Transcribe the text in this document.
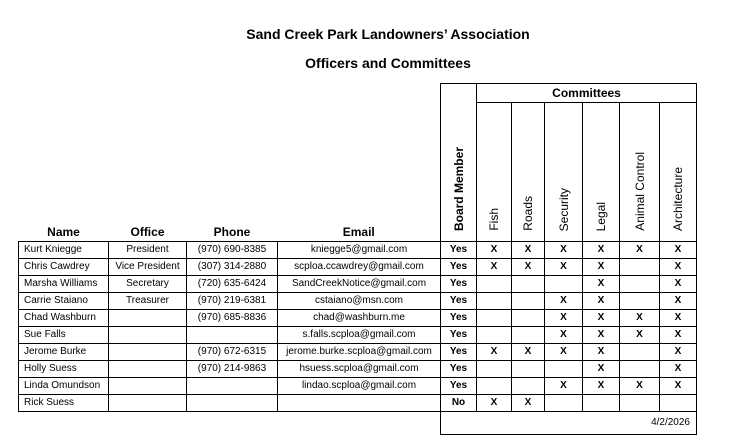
Sand Creek Park Landowners’ Association
Officers and Committees
Name	Office	Phone	Email	Board Member	Committees					
					Fish	Roads	Security	Legal	Animal Control	Architecture
Kurt Kniegge	President	(970) 690-8385	kniegge5@gmail.com	Yes	X	X	X	X	X	X
Chris Cawdrey	Vice President	(307) 314-2880	scploa.ccawdrey@gmail.com	Yes	X	X	X	X		X
Marsha Williams	Secretary	(720) 635-6424	SandCreekNotice@gmail.com	Yes				X		X
Carrie Staiano	Treasurer	(970) 219-6381	cstaiano@msn.com	Yes			X	X		X
Chad Washburn		(970) 685-8836	chad@washburn.me	Yes			X	X	X	X
Sue Falls			s.falls.scploa@gmail.com	Yes			X	X	X	X
Jerome Burke		(970) 672-6315	jerome.burke.scploa@gmail.com	Yes	X	X	X	X		X
Holly Suess		(970) 214-9863	hsuess.scploa@gmail.com	Yes				X		X
Linda Omundson			lindao.scploa@gmail.com	Yes			X	X	X	X
Rick Suess				No	X	X				
				4/2/2026						
